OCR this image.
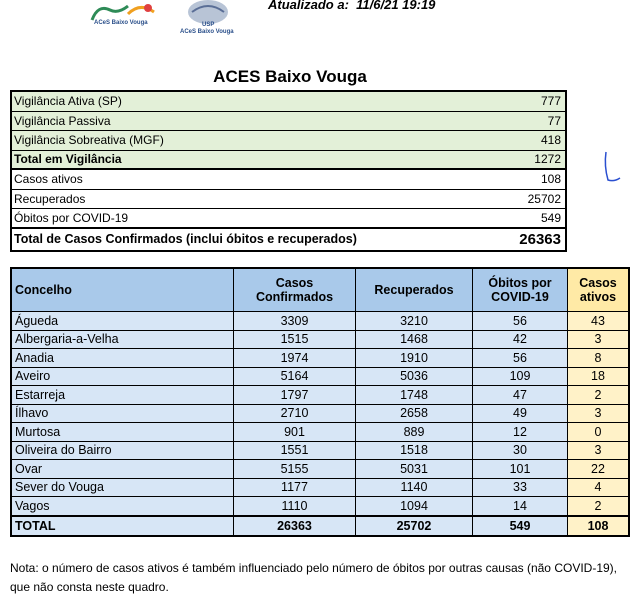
ACeS Baixo Vouga	USP
ACeS Baixo Vouga
Atualizado a: 11/6/21 19:19
ACES Baixo Vouga
Vigilância Ativa (SP)	777
Vigilância Passiva	77
Vigilância Sobreativa (MGF)	418
Total em Vigilância	1272
Casos ativos	108
Recuperados	25702
Óbitos por COVID-19	549
Total de Casos Confirmados (inclui óbitos e recuperados)	26363
Concelho	Casos Confirmados	Recuperados	Óbitos por COVID-19	Casos ativos
Águeda	3309	3210	56	43
Albergaria-a-Velha	1515	1468	42	3
Anadia	1974	1910	56	8
Aveiro	5164	5036	109	18
Estarreja	1797	1748	47	2
Ílhavo	2710	2658	49	3
Murtosa	901	889	12	0
Oliveira do Bairro	1551	1518	30	3
Ovar	5155	5031	101	22
Sever do Vouga	1177	1140	33	4
Vagos	1110	1094	14	2
TOTAL	26363	25702	549	108
Nota: o número de casos ativos é também influenciado pelo número de óbitos por outras causas (não COVID-19), que não consta neste quadro.
